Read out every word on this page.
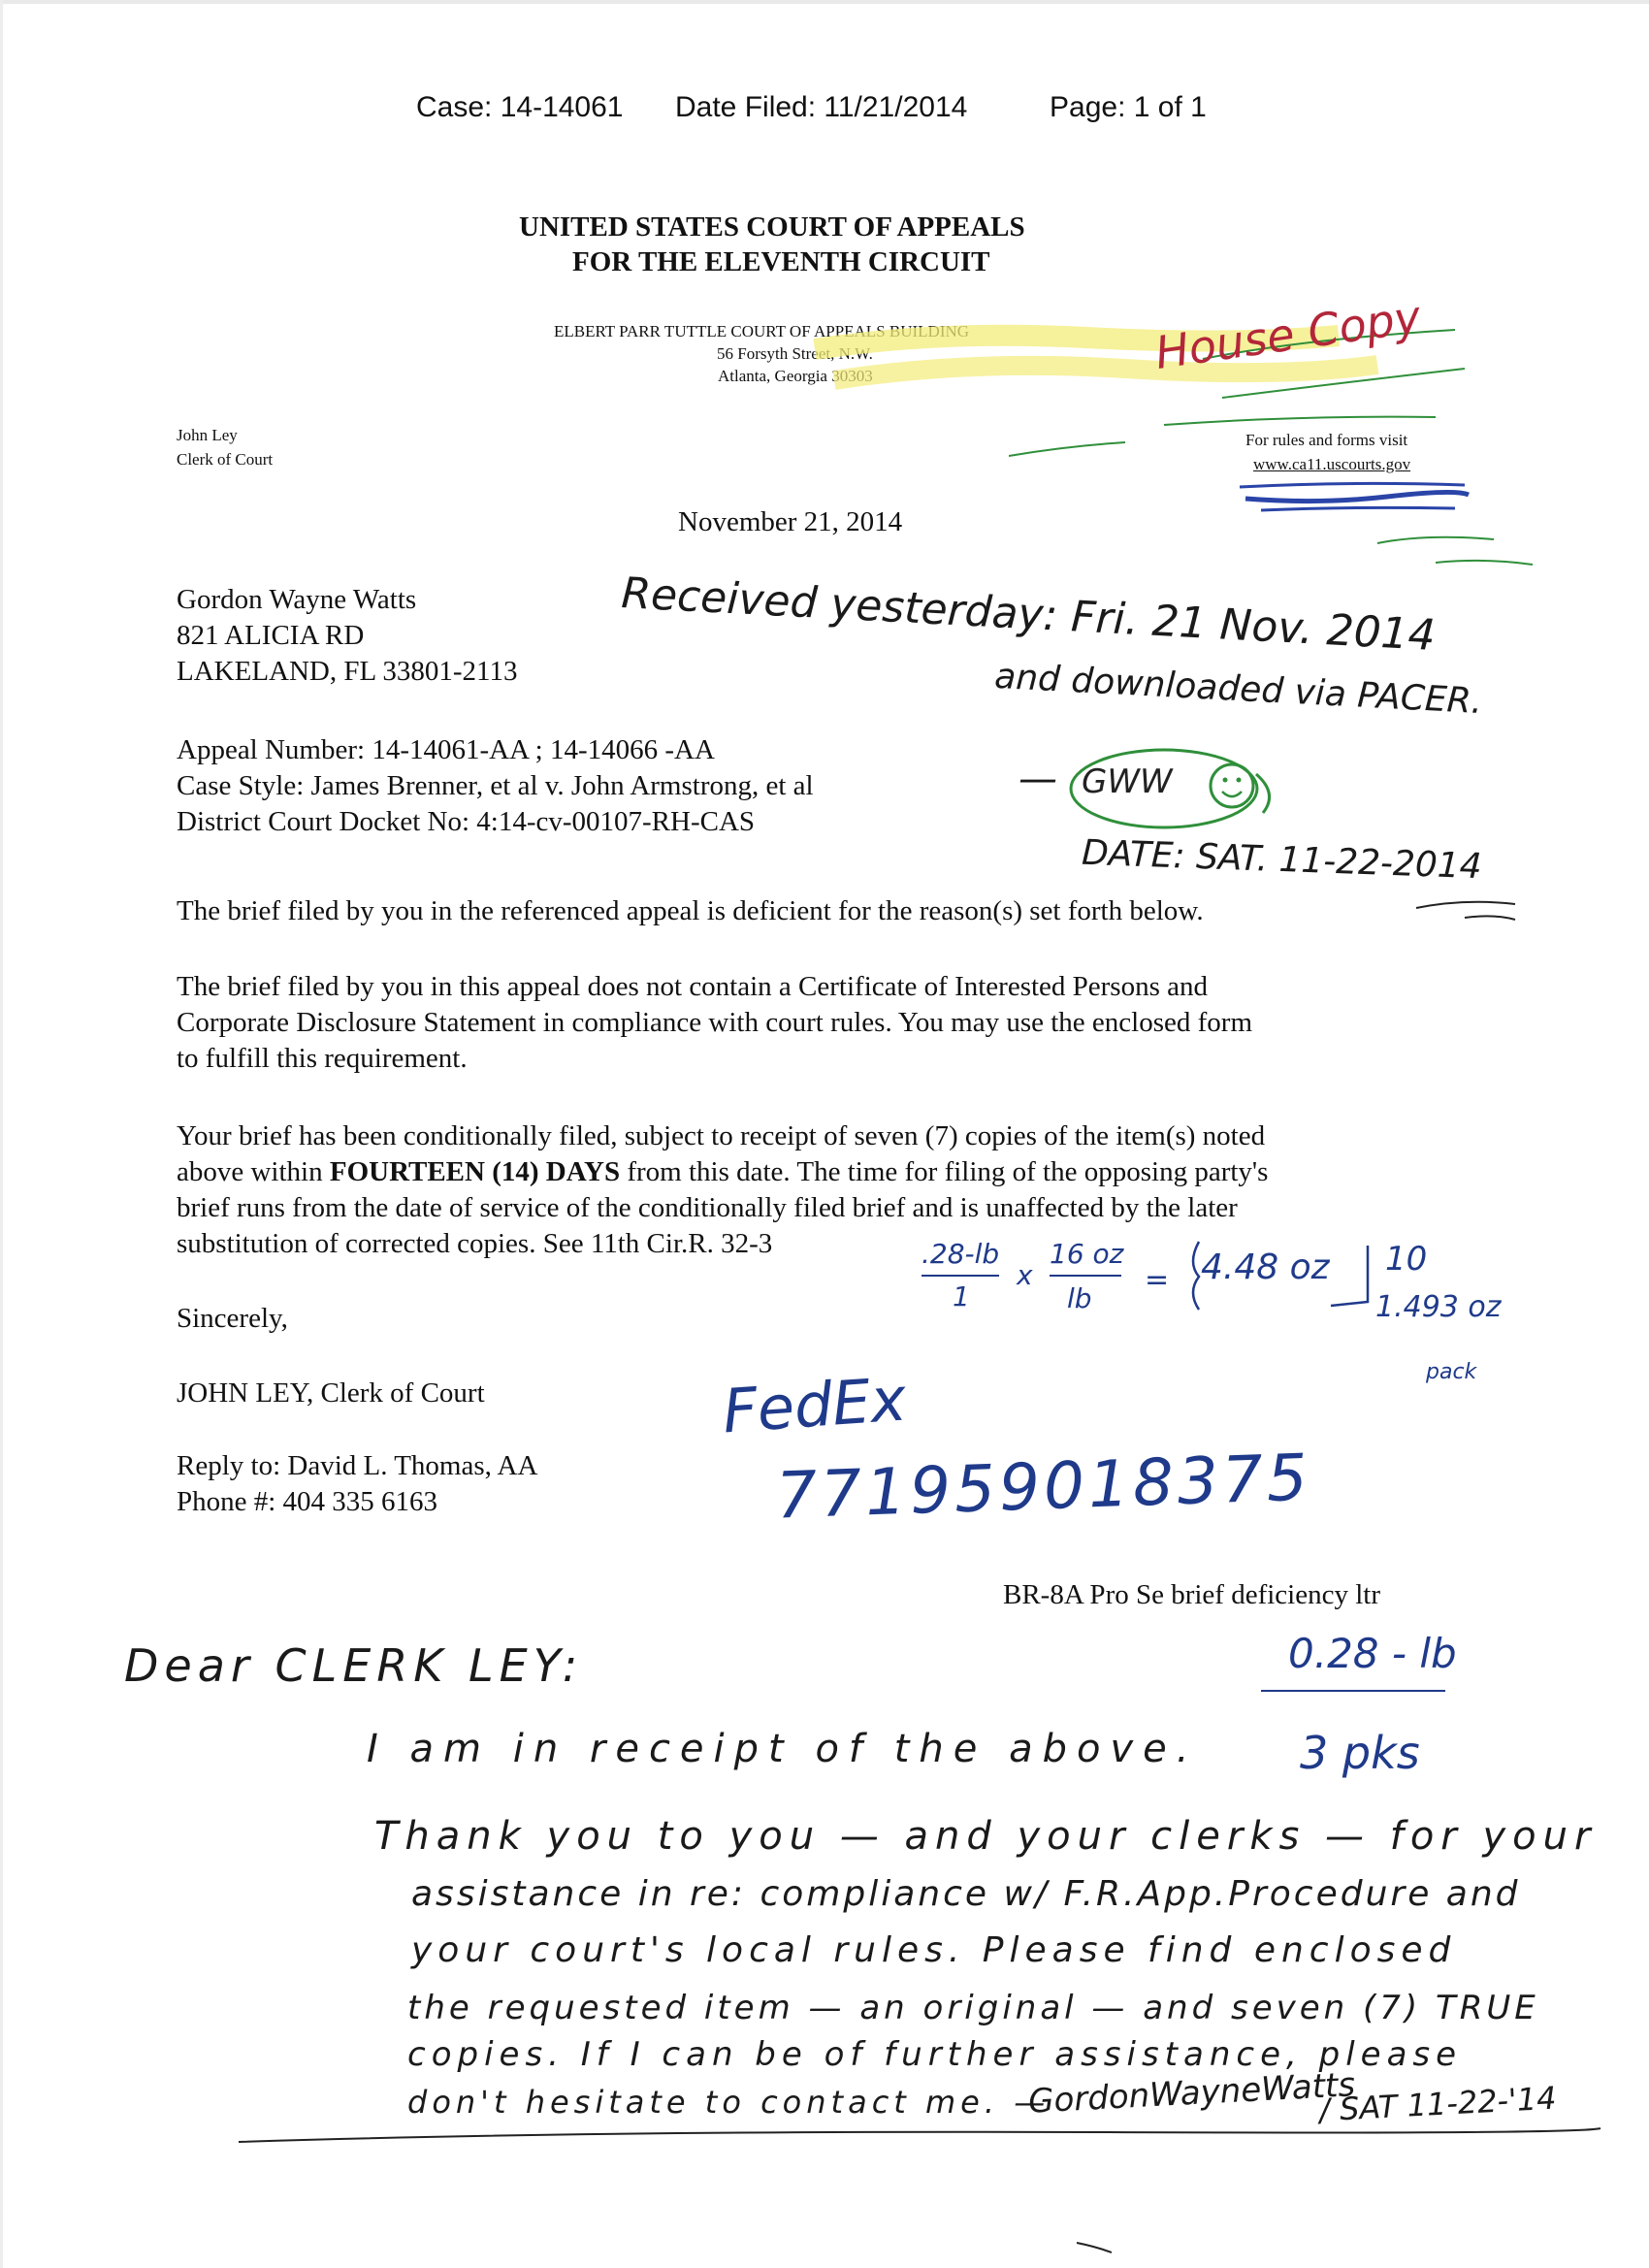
Case: 14-14061 Date Filed: 11/21/2014	Page: 1 of 1
UNITED STATES COURT OF APPEALS
FOR THE ELEVENTH CIRCUIT
ELBERT PARR TUTTLE COURT OF APPEALS BUILDING
56 Forsyth Street, N.W.
Atlanta, Georgia 30303	House Copy
John Ley
Clerk of Court
For rules and forms visit
www.ca11.uscourts.gov
November 21, 2014
Gordon Wayne Watts
821 ALICIA RD
LAKELAND, FL 33801-2113
Received yesterday: Fri. 21 Nov. 2014
and downloaded via PACER.
GWW
—
DATE: SAT. 11-22-2014
Appeal Number: 14-14061-AA ; 14-14066 -AA
Case Style: James Brenner, et al v. John Armstrong, et al
District Court Docket No: 4:14-cv-00107-RH-CAS
The brief filed by you in the referenced appeal is deficient for the reason(s) set forth below.
The brief filed by you in this appeal does not contain a Certificate of Interested Persons and
Corporate Disclosure Statement in compliance with court rules. You may use the enclosed form
to fulfill this requirement.
Your brief has been conditionally filed, subject to receipt of seven (7) copies of the item(s) noted
above within FOURTEEN (14) DAYS from this date. The time for filing of the opposing party's
brief runs from the date of service of the conditionally filed brief and is unaffected by the later
substitution of corrected copies. See 11th Cir.R. 32-3	.28-lb
1
x
16 oz
lb
= 4.48 oz 10
1.493 oz
pack
Sincerely,
JOHN LEY, Clerk of Court
Reply to: David L. Thomas, AA
Phone #: 404 335 6163
FedEx
771959018375
BR-8A Pro Se brief deficiency ltr
0.28 - lb
3 pks
Dear CLERK LEY:
I am in receipt of the above.
Thank you to you — and your clerks — for your
assistance in re: compliance w/ F.R.App.Procedure and
your court's local rules. Please find enclosed
the requested item — an original — and seven (7) TRUE
copies. If I can be of further assistance, please
don't hesitate to contact me. —
GordonWayneWatts
/ SAT 11-22-'14
